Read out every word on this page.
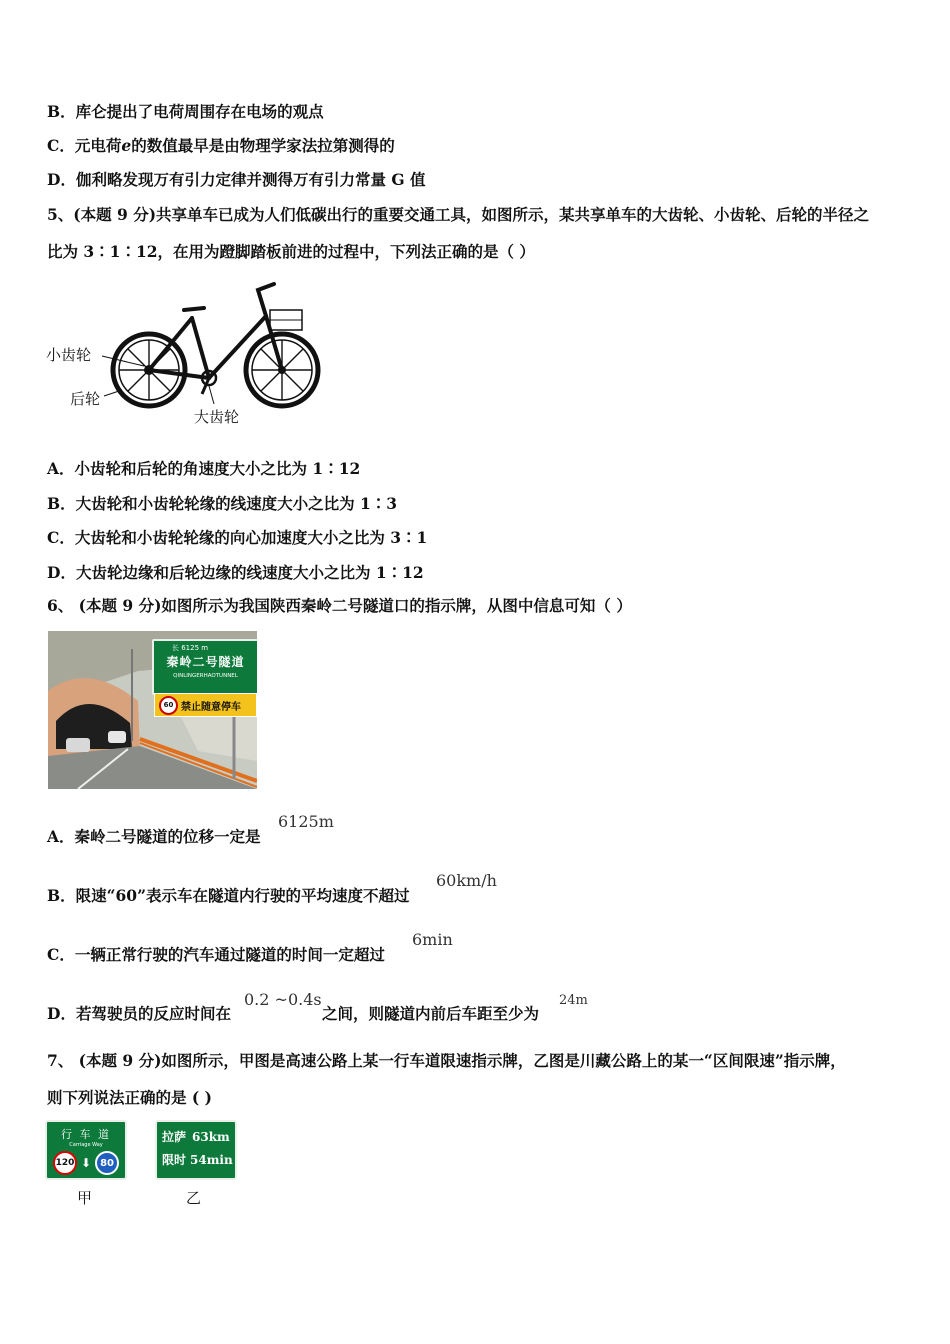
B．库仑提出了电荷周围存在电场的观点
C．元电荷e的数值最早是由物理学家法拉第测得的
D．伽利略发现万有引力定律并测得万有引力常量 G 值
5、(本题 9 分)共享单车已成为人们低碳出行的重要交通工具，如图所示，某共享单车的大齿轮、小齿轮、后轮的半径之
比为 3∶1∶12，在用为蹬脚踏板前进的过程中，下列法正确的是（ ）
小齿轮
后轮
大齿轮
A．小齿轮和后轮的角速度大小之比为 1∶12
B．大齿轮和小齿轮轮缘的线速度大小之比为 1∶3
C．大齿轮和小齿轮轮缘的向心加速度大小之比为 3∶1
D．大齿轮边缘和后轮边缘的线速度大小之比为 1∶12
6、 (本题 9 分)如图所示为我国陕西秦岭二号隧道口的指示牌，从图中信息可知（ ）
长 6125 m
秦岭二号隧道
QINLINGERHAOTUNNEL
60 禁止随意停车
A．秦岭二号隧道的位移一定是
6125m
B．限速“60”表示车在隧道内行驶的平均速度不超过
60km/h
C．一辆正常行驶的汽车通过隧道的时间一定超过
6min
D．若驾驶员的反应时间在
0.2 ~0.4s
之间，则隧道内前后车距至少为
24m
7、 (本题 9 分)如图所示，甲图是高速公路上某一行车道限速指示牌，乙图是川藏公路上的某一“区间限速”指示牌，
则下列说法正确的是 ( )
行 车 道
Carriage Way
120 ⬇ 80
甲
拉萨 63km
限时 54min
乙
